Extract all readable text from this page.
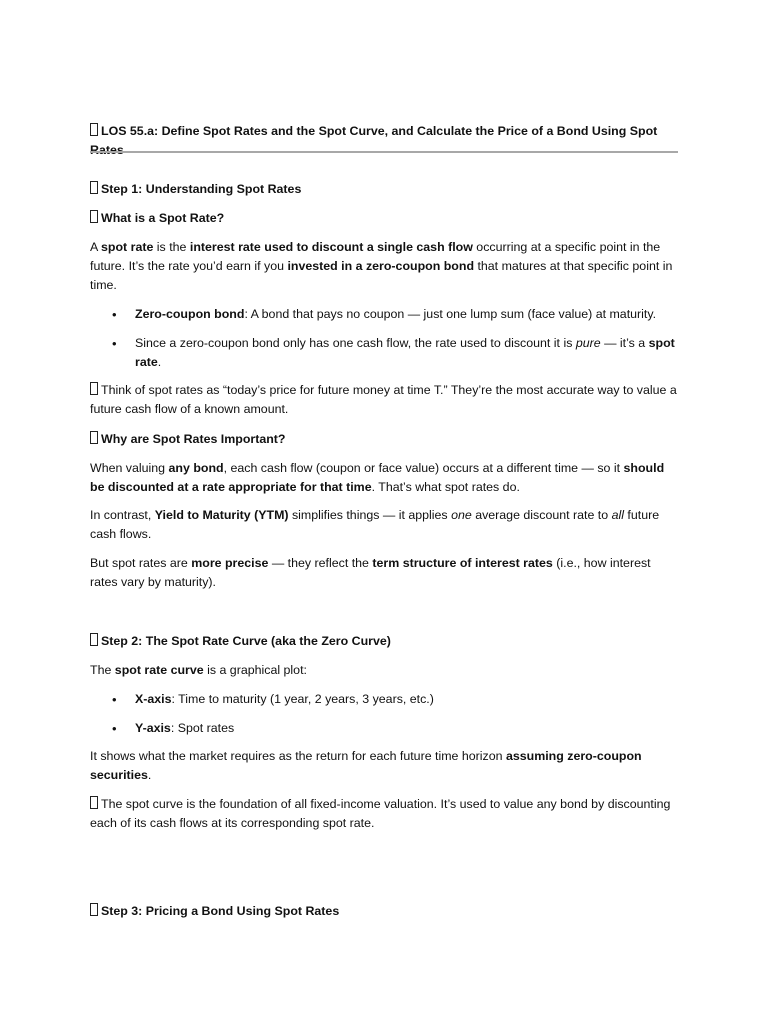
LOS 55.a: Define Spot Rates and the Spot Curve, and Calculate the Price of a Bond Using Spot Rates

Step 1: Understanding Spot Rates

What is a Spot Rate?

A spot rate is the interest rate used to discount a single cash flow occurring at a specific point in the future. It’s the rate you’d earn if you invested in a zero-coupon bond that matures at that specific point in time.

• Zero-coupon bond: A bond that pays no coupon — just one lump sum (face value) at maturity.
• Since a zero-coupon bond only has one cash flow, the rate used to discount it is pure — it’s a spot rate.

Think of spot rates as “today’s price for future money at time T.” They’re the most accurate way to value a future cash flow of a known amount.

Why are Spot Rates Important?

When valuing any bond, each cash flow (coupon or face value) occurs at a different time — so it should be discounted at a rate appropriate for that time. That’s what spot rates do.

In contrast, Yield to Maturity (YTM) simplifies things — it applies one average discount rate to all future cash flows.

But spot rates are more precise — they reflect the term structure of interest rates (i.e., how interest rates vary by maturity).

Step 2: The Spot Rate Curve (aka the Zero Curve)

The spot rate curve is a graphical plot:

• X-axis: Time to maturity (1 year, 2 years, 3 years, etc.)
• Y-axis: Spot rates

It shows what the market requires as the return for each future time horizon assuming zero-coupon securities.

The spot curve is the foundation of all fixed-income valuation. It’s used to value any bond by discounting each of its cash flows at its corresponding spot rate.

Step 3: Pricing a Bond Using Spot Rates
